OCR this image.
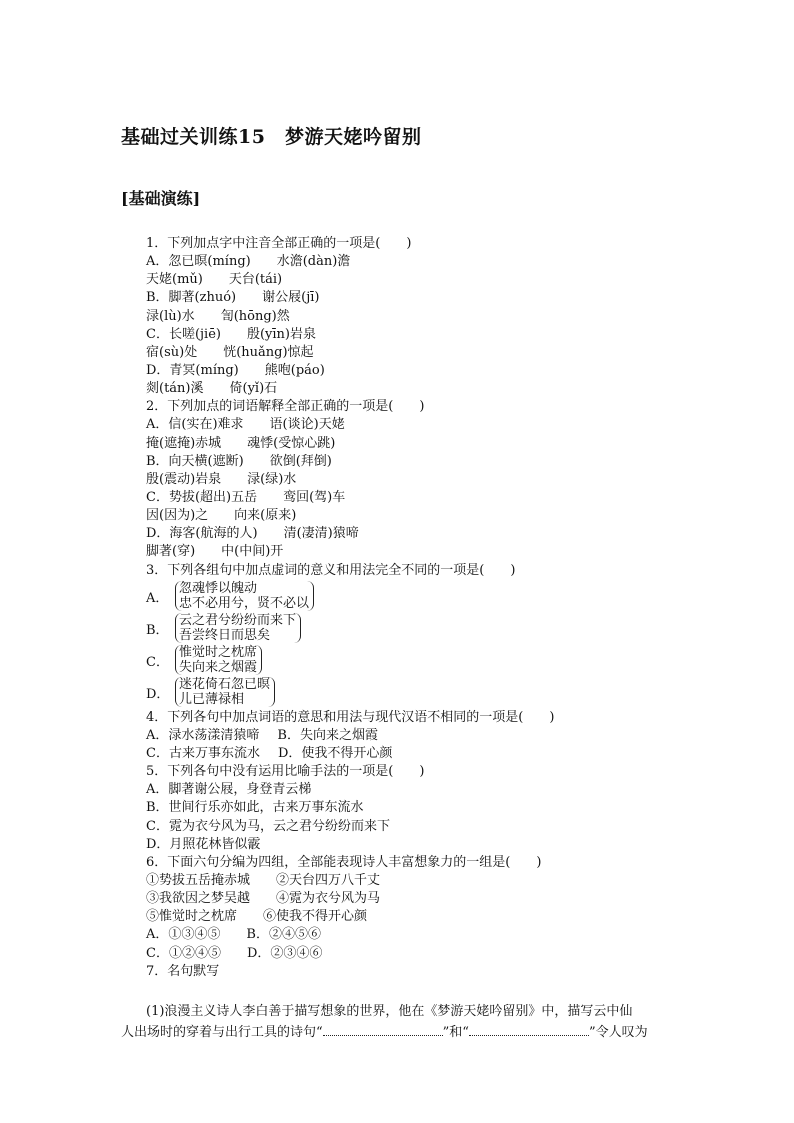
基础过关训练15　梦游天姥吟留别
[基础演练]
1．下列加点字中注音全部正确的一项是(　　)
A．忽已暝(míng) 水澹(dàn)澹
天姥(mǔ) 天台(tái)
B．脚著(zhuó) 谢公屐(jī)
渌(lù)水 訇(hōng)然
C．长嗟(jiē) 殷(yīn)岩泉
宿(sù)处 恍(huǎng)惊起
D．青冥(míng) 熊咆(páo)
剡(tán)溪 倚(yǐ)石
2．下列加点的词语解释全部正确的一项是(　　)
A．信(实在)难求 语(谈论)天姥
掩(遮掩)赤城 魂悸(受惊心跳)
B．向天横(遮断) 欲倒(拜倒)
殷(震动)岩泉 渌(绿)水
C．势拔(超出)五岳 鸾回(驾)车
因(因为)之 向来(原来)
D．海客(航海的人) 清(凄清)猿啼
脚著(穿) 中(中间)开
3．下列各组句中加点虚词的意义和用法完全不同的一项是(　　)
A．
忽魂悸以魄动
忠不必用兮，贤不必以
B．
云之君兮纷纷而来下
吾尝终日而思矣
C．
惟觉时之枕席
失向来之烟霞
D．
迷花倚石忽已暝
儿已薄禄相
4．下列各句中加点词语的意思和用法与现代汉语不相同的一项是(　　)
A．渌水荡漾清猿啼 B．失向来之烟霞
C．古来万事东流水 D．使我不得开心颜
5．下列各句中没有运用比喻手法的一项是(　　)
A．脚著谢公屐，身登青云梯
B．世间行乐亦如此，古来万事东流水
C．霓为衣兮风为马，云之君兮纷纷而来下
D．月照花林皆似霰
6．下面六句分编为四组，全部能表现诗人丰富想象力的一组是(　　)
①势拔五岳掩赤城 ②天台四万八千丈
③我欲因之梦吴越 ④霓为衣兮风为马
⑤惟觉时之枕席 ⑥使我不得开心颜
A．①③④⑤ B．②④⑤⑥
C．①②④⑤ D．②③④⑥
7．名句默写
(1)浪漫主义诗人李白善于描写想象的世界，他在《梦游天姥吟留别》中，描写云中仙
人出场时的穿着与出行工具的诗句“	”和“	”令人叹为
